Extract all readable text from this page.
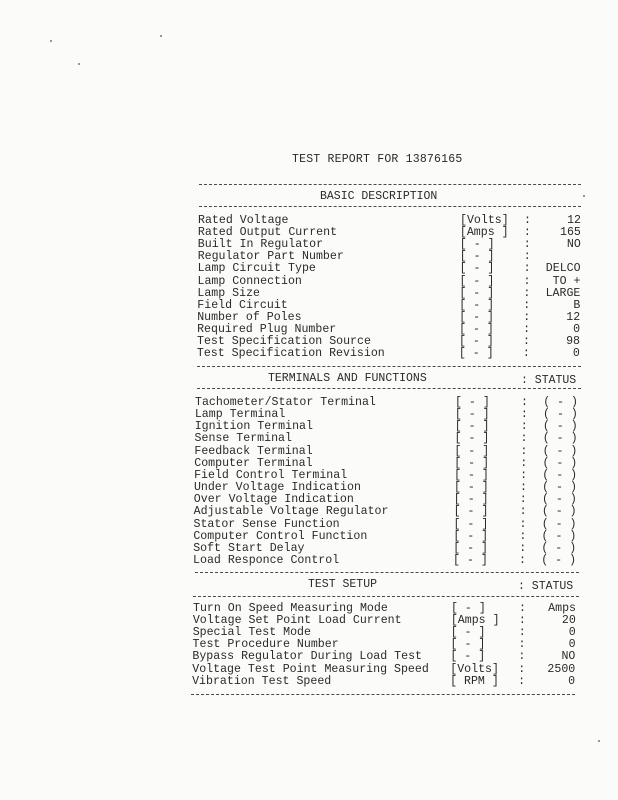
TEST REPORT FOR 13876165
BASIC DESCRIPTION
Rated Voltage	[Volts] :	12
Rated Output Current	[Amps ] :	165
Built In Regulator	[ - ]	:	NO
Regulator Part Number	[ - ]	:
Lamp Circuit Type	[ - ]	: DELCO
Lamp Connection	[ - ]	: TO +
Lamp Size	[ - ]	: LARGE
Field Circuit	[ - ]	:	B
Number of Poles	[ - ]	:	12
Required Plug Number	[ - ]	:	0
Test Specification Source	[ - ]	:	98
Test Specification Revision	[ - ]	:	0
TERMINALS AND FUNCTIONS	: STATUS
Tachometer/Stator Terminal	[ - ]	: ( - )
Lamp Terminal	[ - ]	: ( - )
Ignition Terminal	[ - ]	: ( - )
Sense Terminal	[ - ]	: ( - )
Feedback Terminal	[ - ]	: ( - )
Computer Terminal	[ - ]	: ( - )
Field Control Terminal	[ - ]	: ( - )
Under Voltage Indication	[ - ]	: ( - )
Over Voltage Indication	[ - ]	: ( - )
Adjustable Voltage Regulator	[ - ]	: ( - )
Stator Sense Function	[ - ]	: ( - )
Computer Control Function	[ - ]	: ( - )
Soft Start Delay	[ - ]	: ( - )
Load Responce Control	[ - ]	: ( - )
TEST SETUP	: STATUS
Turn On Speed Measuring Mode	[ - ]	: Amps
Voltage Set Point Load Current	[Amps ] :	20
Special Test Mode	[ - ]	:	0
Test Procedure Number	[ - ]	:	0
Bypass Regulator During Load Test [ - ]	:	NO
Voltage Test Point Measuring Speed [Volts] : 2500
Vibration Test Speed	[ RPM ] :	0
